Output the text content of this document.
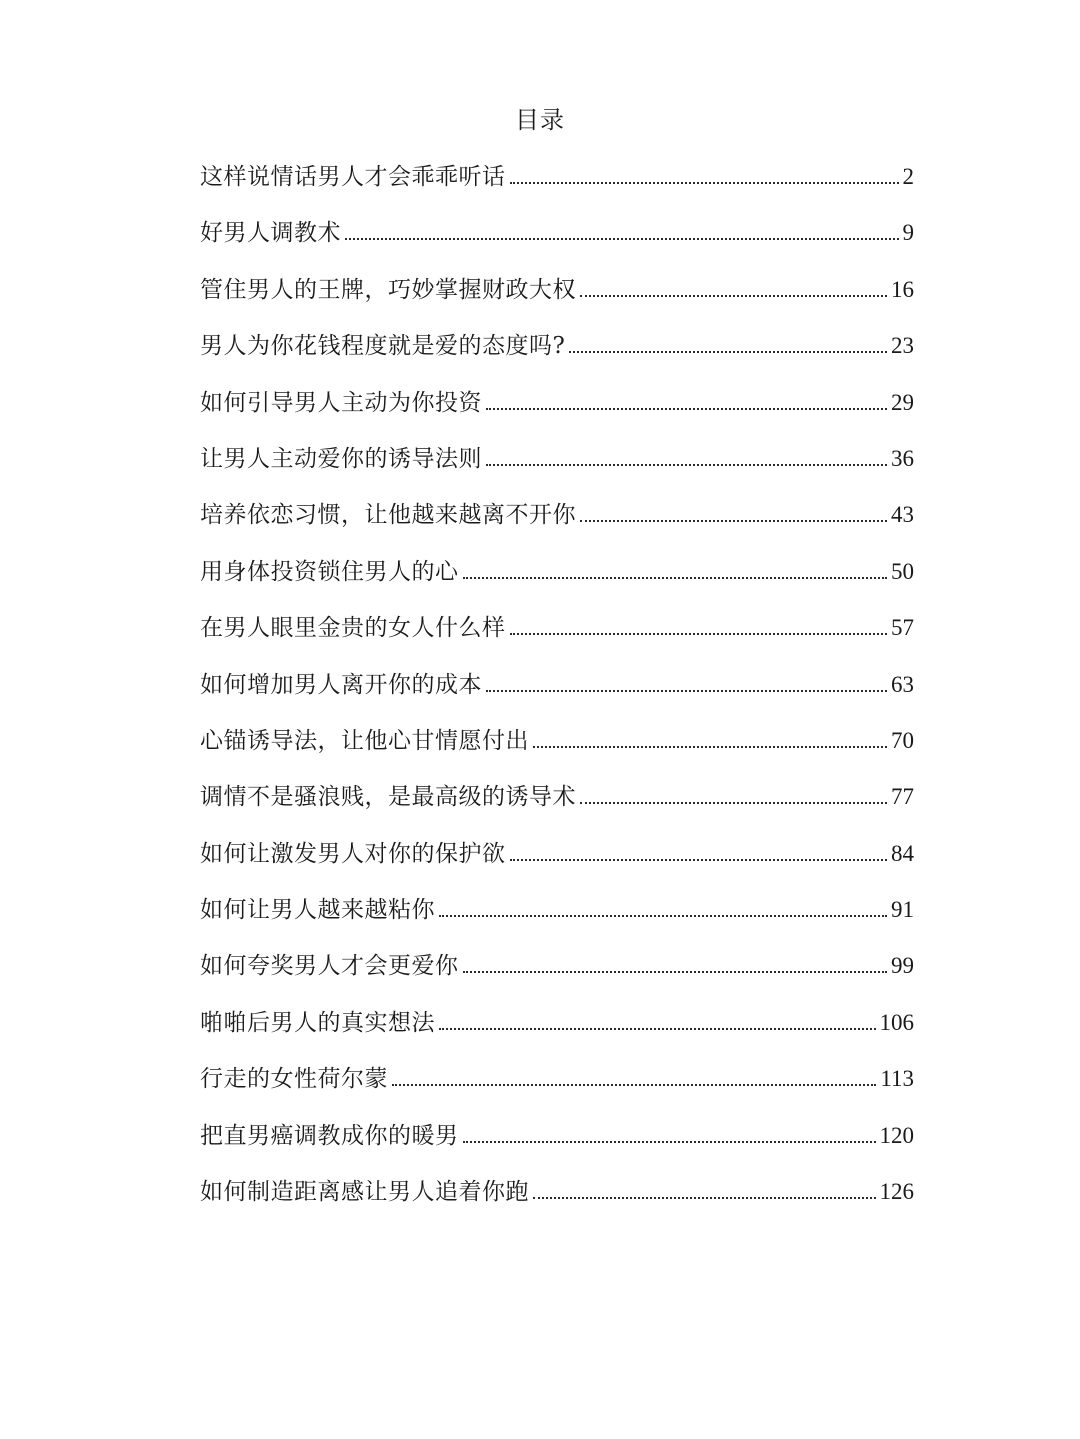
目录
这样说情话男人才会乖乖听话	2
好男人调教术	9
管住男人的王牌，巧妙掌握财政大权	16
男人为你花钱程度就是爱的态度吗?	23
如何引导男人主动为你投资	29
让男人主动爱你的诱导法则	36
培养依恋习惯，让他越来越离不开你	43
用身体投资锁住男人的心	50
在男人眼里金贵的女人什么样	57
如何增加男人离开你的成本	63
心锚诱导法，让他心甘情愿付出	70
调情不是骚浪贱，是最高级的诱导术	77
如何让激发男人对你的保护欲	84
如何让男人越来越粘你	91
如何夸奖男人才会更爱你	99
啪啪后男人的真实想法	106
行走的女性荷尔蒙	113
把直男癌调教成你的暖男	120
如何制造距离感让男人追着你跑	126
